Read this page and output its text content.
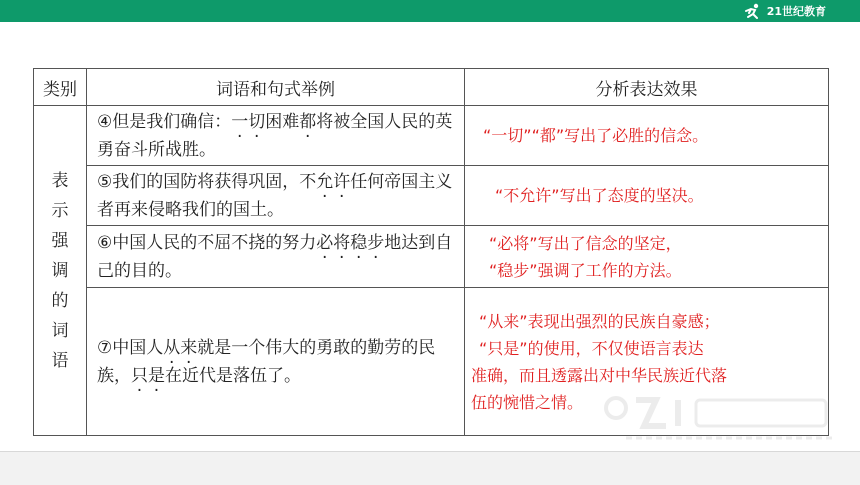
21世纪教育
类别	词语和句式举例	分析表达效果
表示强调的词语	④但是我们确信：一切困难都将被全国人民的英勇奋斗所战胜。	“一切”“都”写出了必胜的信念。
	⑤我们的国防将获得巩固，不允许任何帝国主义者再来侵略我们的国土。	“不允许”写出了态度的坚决。
	⑥中国人民的不屈不挠的努力必将稳步地达到自己的目的。	“必将”写出了信念的坚定，
“稳步”强调了工作的方法。

	⑦中国人从来就是一个伟大的勇敢的勤劳的民族，只是在近代是落伍了。	“从来”表现出强烈的民族自豪感；
“只是”的使用，不仅使语言表达
准确，而且透露出对中华民族近代落
伍的惋惜之情。
